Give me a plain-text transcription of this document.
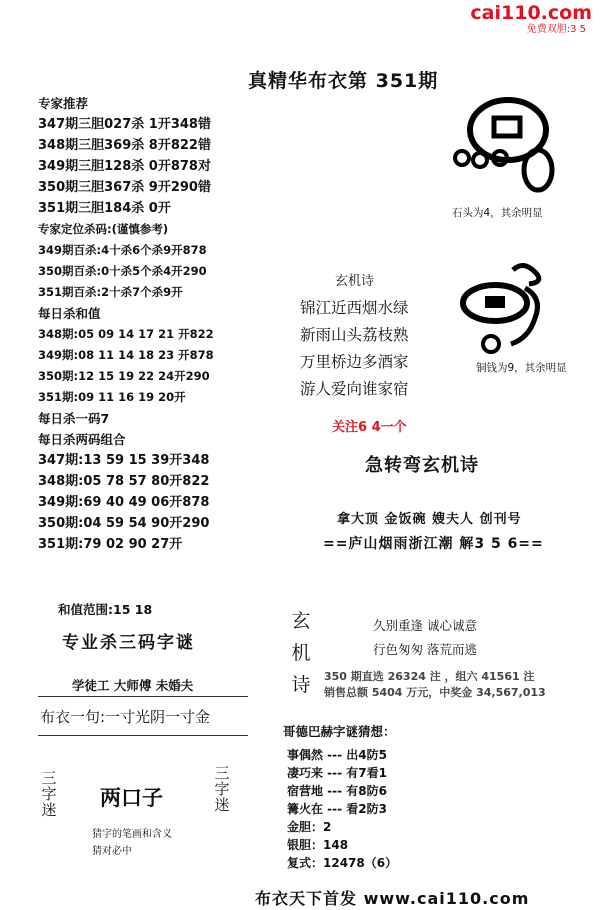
cai110.com
免费双胆:3 5
真精华布衣第 351期
专家推荐
347期三胆027杀 1开348错
348期三胆369杀 8开822错
349期三胆128杀 0开878对
350期三胆367杀 9开290错
351期三胆184杀 0开
专家定位杀码:(谨慎参考)
349期百杀:4十杀6个杀9开878
350期百杀:0十杀5个杀4开290
351期百杀:2十杀7个杀9开
每日杀和值
348期:05 09 14 17 21 开822
349期:08 11 14 18 23 开878
350期:12 15 19 22 24开290
351期:09 11 16 19 20开
每日杀一码7
每日杀两码组合
347期:13 59 15 39开348
348期:05 78 57 80开822
349期:69 40 49 06开878
350期:04 59 54 90开290
351期:79 02 90 27开
和值范围:15 18
专业杀三码字谜
学徒工 大师傅 未婚夫
布衣一句:一寸光阴一寸金
三字迷
三字迷
两口子
猜字的笔画和含义
猜对必中
石头为4，其余明显
铜钱为9，其余明显
玄机诗
锦江近西烟水绿
新雨山头荔枝熟
万里桥边多酒家
游人爱向谁家宿
关注6 4一个
急转弯玄机诗
拿大顶 金饭碗 嫂夫人 创刊号
==庐山烟雨浙江潮 解3 5 6==
玄机诗
久别重逢 诚心诚意
行色匆匆 落荒而逃
350 期直选 26324 注 ，组六 41561 注
销售总额 5404 万元，中奖金 34,567,013
哥德巴赫字谜猜想：
事偶然 --- 出4防5
凄巧来 --- 有7看1
宿营地 --- 有8防6
篝火在 --- 看2防3
金胆：2
银胆：148
复式：12478（6）
布衣天下首发 www.cai110.com
